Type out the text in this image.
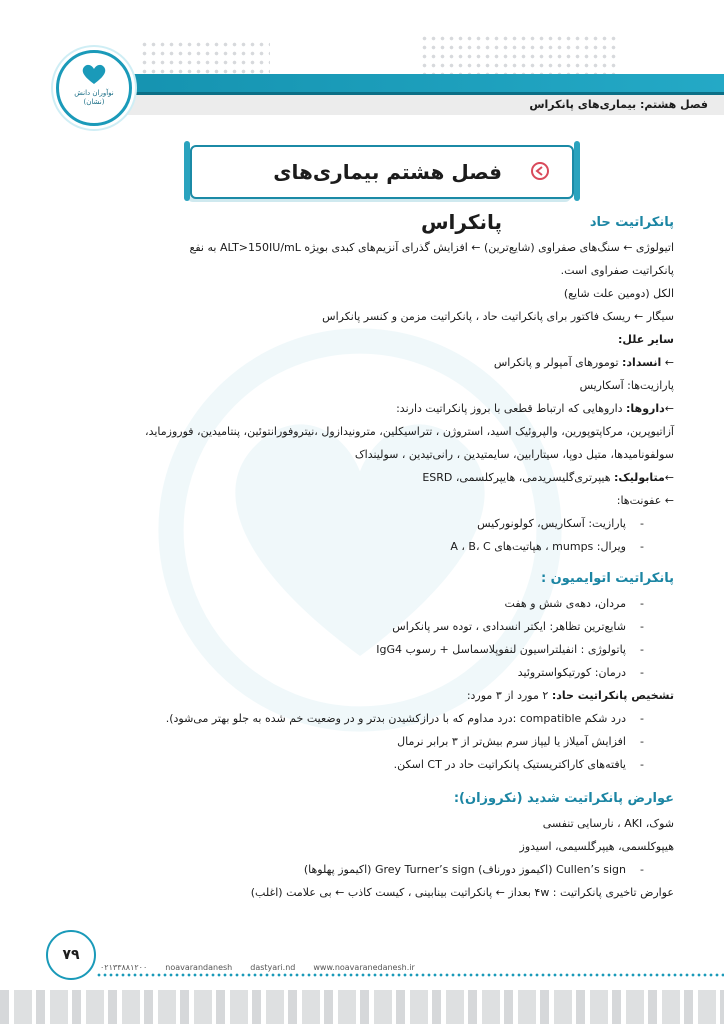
فصل هشتم: بیماری‌های پانکراس
نوآوران دانش
(نشان)
فصل هشتم بیماری‌های پانکراس	پانکراتیت حاد
اتیولوژی ← سنگ‌های صفراوی (شایع‌ترین) ← افزایش گذرای آنزیم‌های کبدی بویژه ALT>150IU/mL به نفع
پانکراتیت صفراوی است.
الکل (دومین علت شایع)
سیگار ← ریسک فاکتور برای پانکراتیت حاد ، پانکراتیت مزمن و کنسر پانکراس
سایر علل:
← انسداد: تومورهای آمپولر و پانکراس
پارازیت‌ها: آسکاریس
←داروها: داروهایی که ارتباط قطعی با بروز پانکراتیت دارند:
آزاتیوپرین، مرکاپتوپورین، والپروئیک اسید، استروژن ، تتراسیکلین، مترونیدازول ،نیتروفورانتوئین، پنتامیدین، فوروزماید،
سولفونامیدها، متیل دوپا، سیتارابین، سایمتیدین ، رانی‌تیدین ، سولینداک
←متابولیک: هیپرتری‌گلیسریدمی، هایپرکلسمی، ESRD
← عفونت‌ها:
- پارازیت: آسکاریس، کولونورکیس
- ویرال: mumps ، هپاتیت‌های A ، B، C
پانکراتیت اتوایمیون :
- مردان، دهه‌ی شش و هفت
- شایع‌ترین تظاهر: ایکتر انسدادی ، توده سر پانکراس
- پاتولوژی : انفیلتراسیون لنفوپلاسماسل + رسوب IgG4
- درمان: کورتیکواستروئید
تشخیص پانکراتیت حاد: ۲ مورد از ۳ مورد:
- درد شکم compatible :درد مداوم که با درازکشیدن بدتر و در وضعیت خم شده به جلو بهتر می‌شود).
- افزایش آمیلاز یا لیپاز سرم بیش‌تر از ۳ برابر نرمال
- یافته‌های کاراکتریستیک پانکراتیت حاد در CT اسکن.
عوارض پانکراتیت شدید (نکروزان):
شوک، AKI ، نارسایی تنفسی
هیپوکلسمی، هیپرگلسیمی، اسیدوز
- Cullen’s sign (اکیموز دورناف) Grey Turner’s sign (اکیموز پهلوها)
عوارض تاخیری پانکراتیت : ۴w بعداز ← پانکراتیت بینابینی ، کیست کاذب ← بی علامت (اغلب)
۷۹
۰۲۱۳۳۸۸۱۲۰۰ noavarandanesh dastyari.nd www.noavaranedanesh.ir
